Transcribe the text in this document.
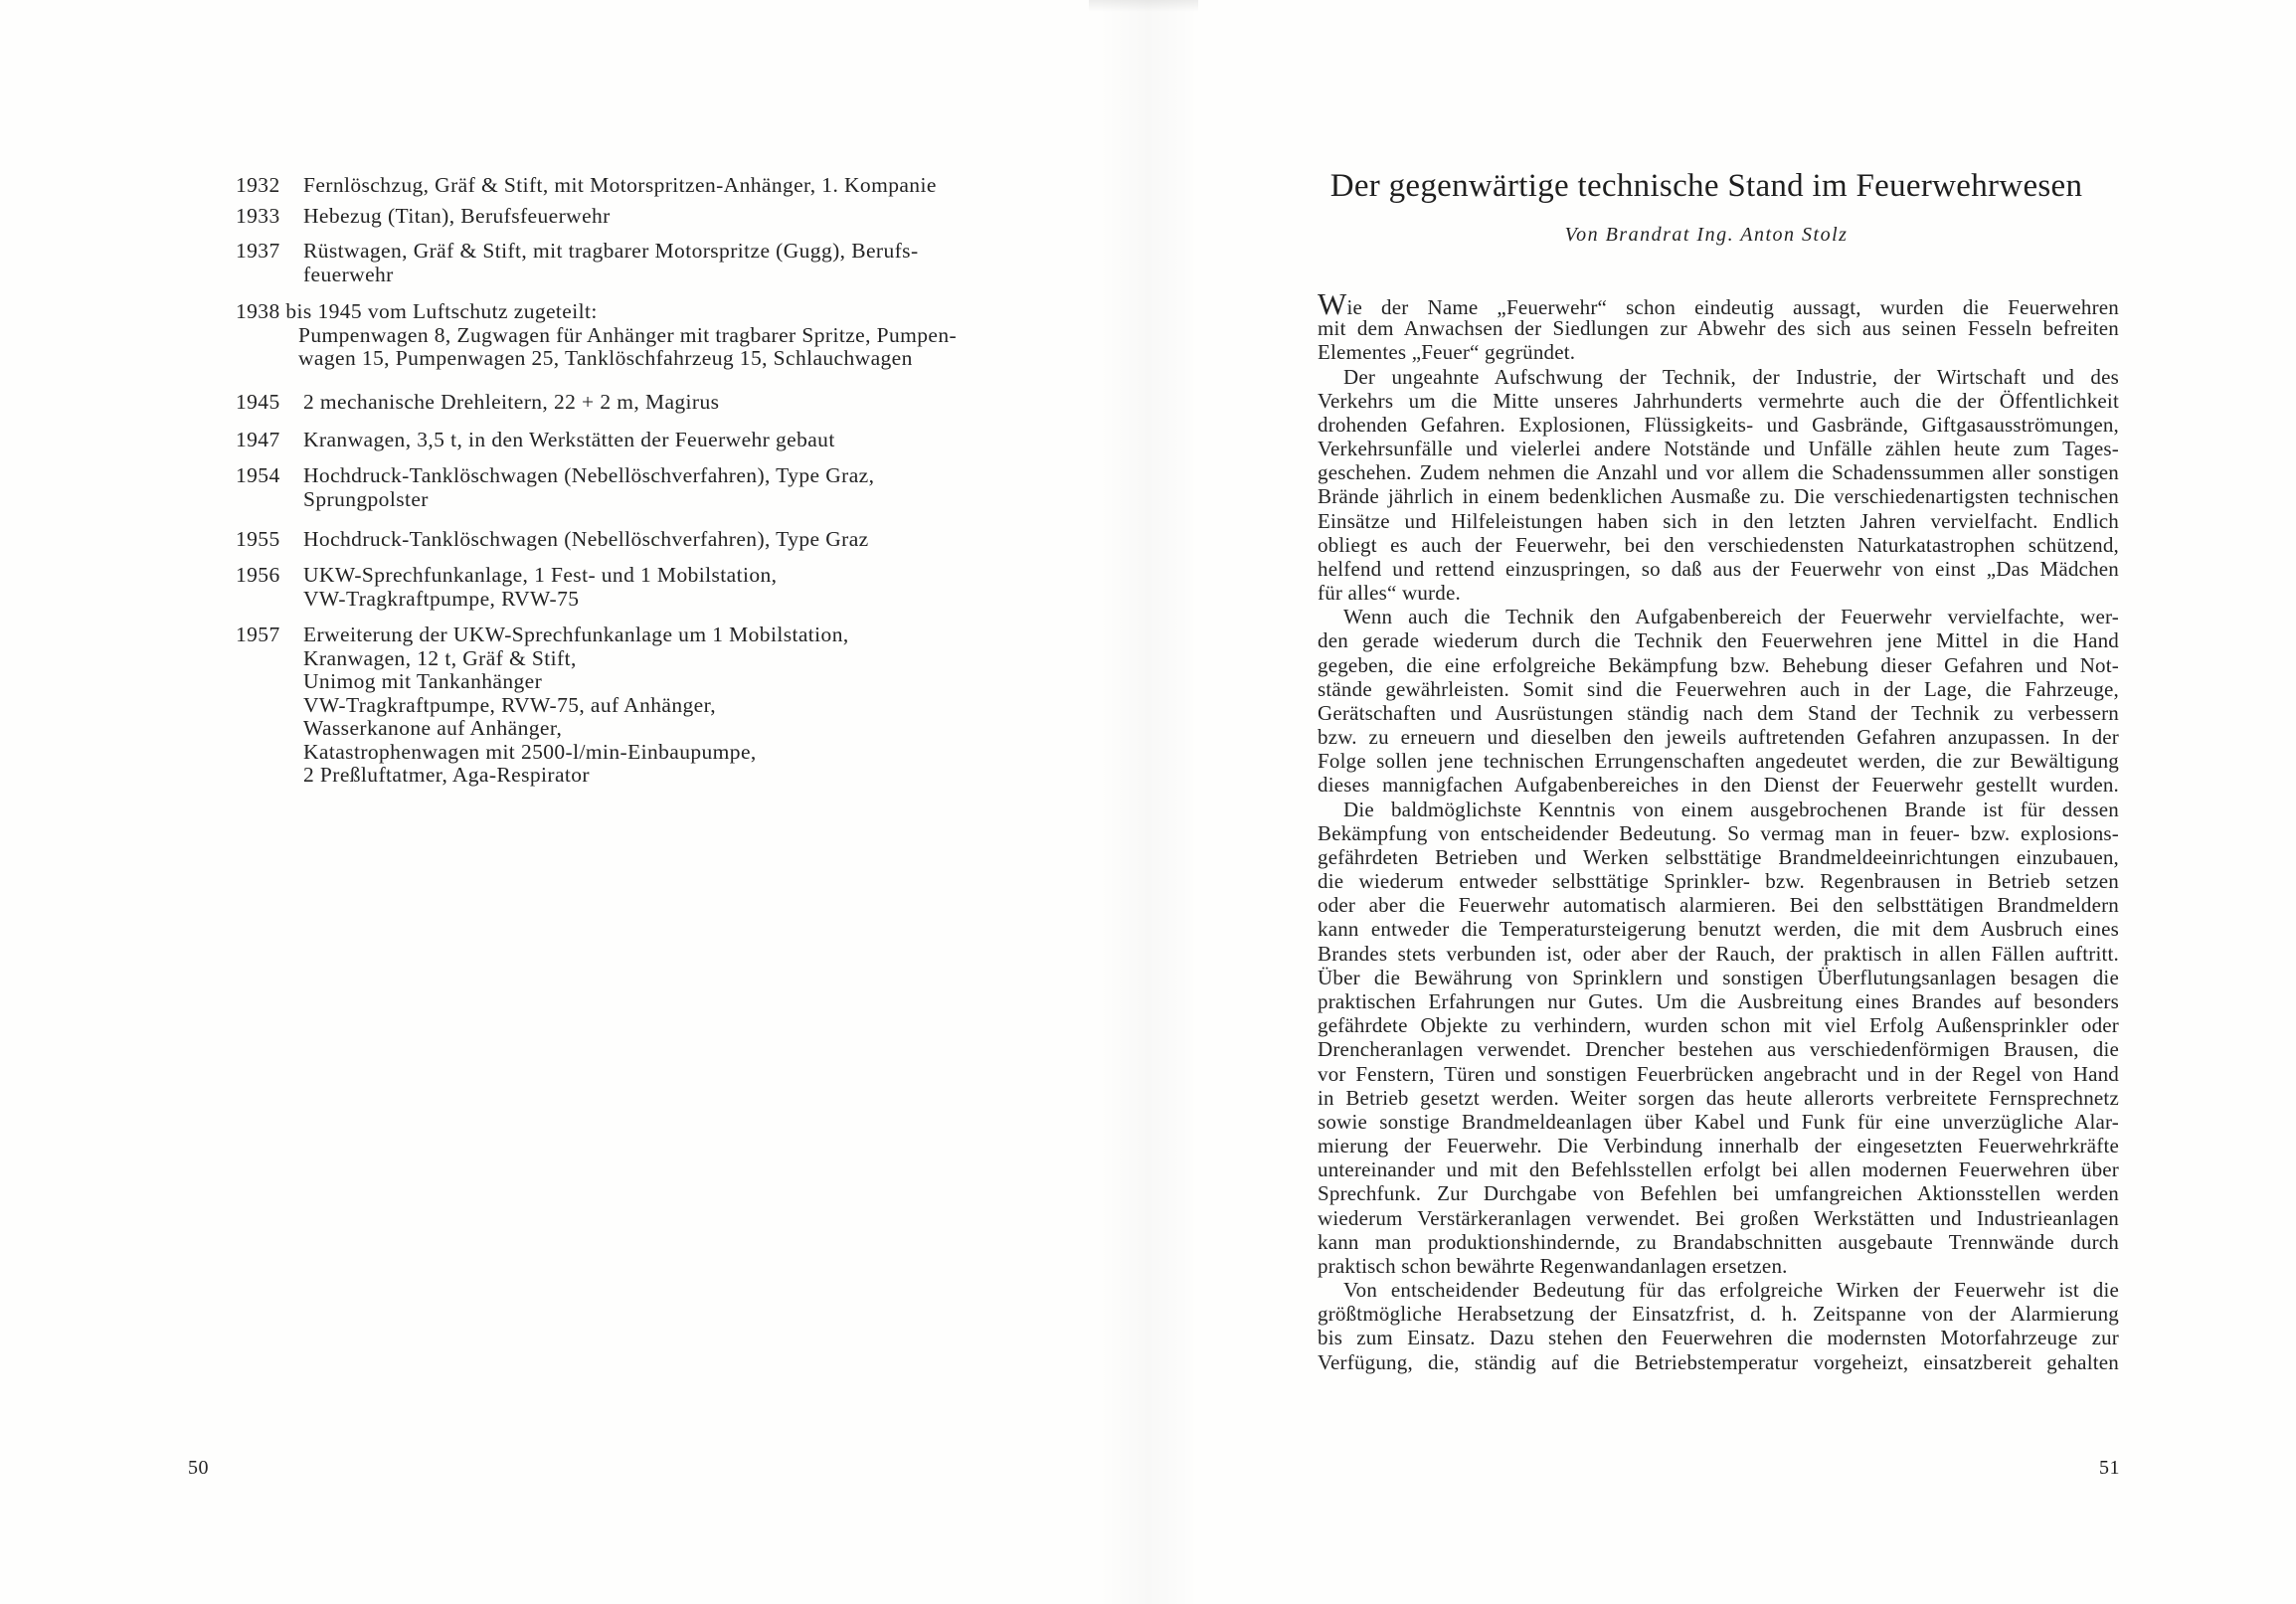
1932 Fernlöschzug, Gräf & Stift, mit Motorspritzen-Anhänger, 1. Kompanie
1933 Hebezug (Titan), Berufsfeuerwehr
1937 Rüstwagen, Gräf & Stift, mit tragbarer Motorspritze (Gugg), Berufs-
feuerwehr
1938 bis 1945 vom Luftschutz zugeteilt:
Pumpenwagen 8, Zugwagen für Anhänger mit tragbarer Spritze, Pumpen-
wagen 15, Pumpenwagen 25, Tanklöschfahrzeug 15, Schlauchwagen
1945 2 mechanische Drehleitern, 22 + 2 m, Magirus
1947 Kranwagen, 3,5 t, in den Werkstätten der Feuerwehr gebaut
1954 Hochdruck-Tanklöschwagen (Nebellöschverfahren), Type Graz,
Sprungpolster
1955 Hochdruck-Tanklöschwagen (Nebellöschverfahren), Type Graz
1956 UKW-Sprechfunkanlage, 1 Fest- und 1 Mobilstation,
VW-Tragkraftpumpe, RVW-75
1957 Erweiterung der UKW-Sprechfunkanlage um 1 Mobilstation,
Kranwagen, 12 t, Gräf & Stift,
Unimog mit Tankanhänger
VW-Tragkraftpumpe, RVW-75, auf Anhänger,
Wasserkanone auf Anhänger,
Katastrophenwagen mit 2500-l/min-Einbaupumpe,
2 Preßluftatmer, Aga-Respirator
50
Der gegenwärtige technische Stand im Feuerwehrwesen
Von Brandrat Ing. Anton Stolz
Wie der Name „Feuerwehr“ schon eindeutig aussagt, wurden die Feuerwehren
mit dem Anwachsen der Siedlungen zur Abwehr des sich aus seinen Fesseln befreiten
Elementes „Feuer“ gegründet.
Der ungeahnte Aufschwung der Technik, der Industrie, der Wirtschaft und des
Verkehrs um die Mitte unseres Jahrhunderts vermehrte auch die der Öffentlichkeit
drohenden Gefahren. Explosionen, Flüssigkeits- und Gasbrände, Giftgasausströmungen,
Verkehrsunfälle und vielerlei andere Notstände und Unfälle zählen heute zum Tages-
geschehen. Zudem nehmen die Anzahl und vor allem die Schadenssummen aller sonstigen
Brände jährlich in einem bedenklichen Ausmaße zu. Die verschiedenartigsten technischen
Einsätze und Hilfeleistungen haben sich in den letzten Jahren vervielfacht. Endlich
obliegt es auch der Feuerwehr, bei den verschiedensten Naturkatastrophen schützend,
helfend und rettend einzuspringen, so daß aus der Feuerwehr von einst „Das Mädchen
für alles“ wurde.
Wenn auch die Technik den Aufgabenbereich der Feuerwehr vervielfachte, wer-
den gerade wiederum durch die Technik den Feuerwehren jene Mittel in die Hand
gegeben, die eine erfolgreiche Bekämpfung bzw. Behebung dieser Gefahren und Not-
stände gewährleisten. Somit sind die Feuerwehren auch in der Lage, die Fahrzeuge,
Gerätschaften und Ausrüstungen ständig nach dem Stand der Technik zu verbessern
bzw. zu erneuern und dieselben den jeweils auftretenden Gefahren anzupassen. In der
Folge sollen jene technischen Errungenschaften angedeutet werden, die zur Bewältigung
dieses mannigfachen Aufgabenbereiches in den Dienst der Feuerwehr gestellt wurden.
Die baldmöglichste Kenntnis von einem ausgebrochenen Brande ist für dessen
Bekämpfung von entscheidender Bedeutung. So vermag man in feuer- bzw. explosions-
gefährdeten Betrieben und Werken selbsttätige Brandmeldeeinrichtungen einzubauen,
die wiederum entweder selbsttätige Sprinkler- bzw. Regenbrausen in Betrieb setzen
oder aber die Feuerwehr automatisch alarmieren. Bei den selbsttätigen Brandmeldern
kann entweder die Temperatursteigerung benutzt werden, die mit dem Ausbruch eines
Brandes stets verbunden ist, oder aber der Rauch, der praktisch in allen Fällen auftritt.
Über die Bewährung von Sprinklern und sonstigen Überflutungsanlagen besagen die
praktischen Erfahrungen nur Gutes. Um die Ausbreitung eines Brandes auf besonders
gefährdete Objekte zu verhindern, wurden schon mit viel Erfolg Außensprinkler oder
Drencheranlagen verwendet. Drencher bestehen aus verschiedenförmigen Brausen, die
vor Fenstern, Türen und sonstigen Feuerbrücken angebracht und in der Regel von Hand
in Betrieb gesetzt werden. Weiter sorgen das heute allerorts verbreitete Fernsprechnetz
sowie sonstige Brandmeldeanlagen über Kabel und Funk für eine unverzügliche Alar-
mierung der Feuerwehr. Die Verbindung innerhalb der eingesetzten Feuerwehrkräfte
untereinander und mit den Befehlsstellen erfolgt bei allen modernen Feuerwehren über
Sprechfunk. Zur Durchgabe von Befehlen bei umfangreichen Aktionsstellen werden
wiederum Verstärkeranlagen verwendet. Bei großen Werkstätten und Industrieanlagen
kann man produktionshindernde, zu Brandabschnitten ausgebaute Trennwände durch
praktisch schon bewährte Regenwandanlagen ersetzen.
Von entscheidender Bedeutung für das erfolgreiche Wirken der Feuerwehr ist die
größtmögliche Herabsetzung der Einsatzfrist, d. h. Zeitspanne von der Alarmierung
bis zum Einsatz. Dazu stehen den Feuerwehren die modernsten Motorfahrzeuge zur
Verfügung, die, ständig auf die Betriebstemperatur vorgeheizt, einsatzbereit gehalten
51
